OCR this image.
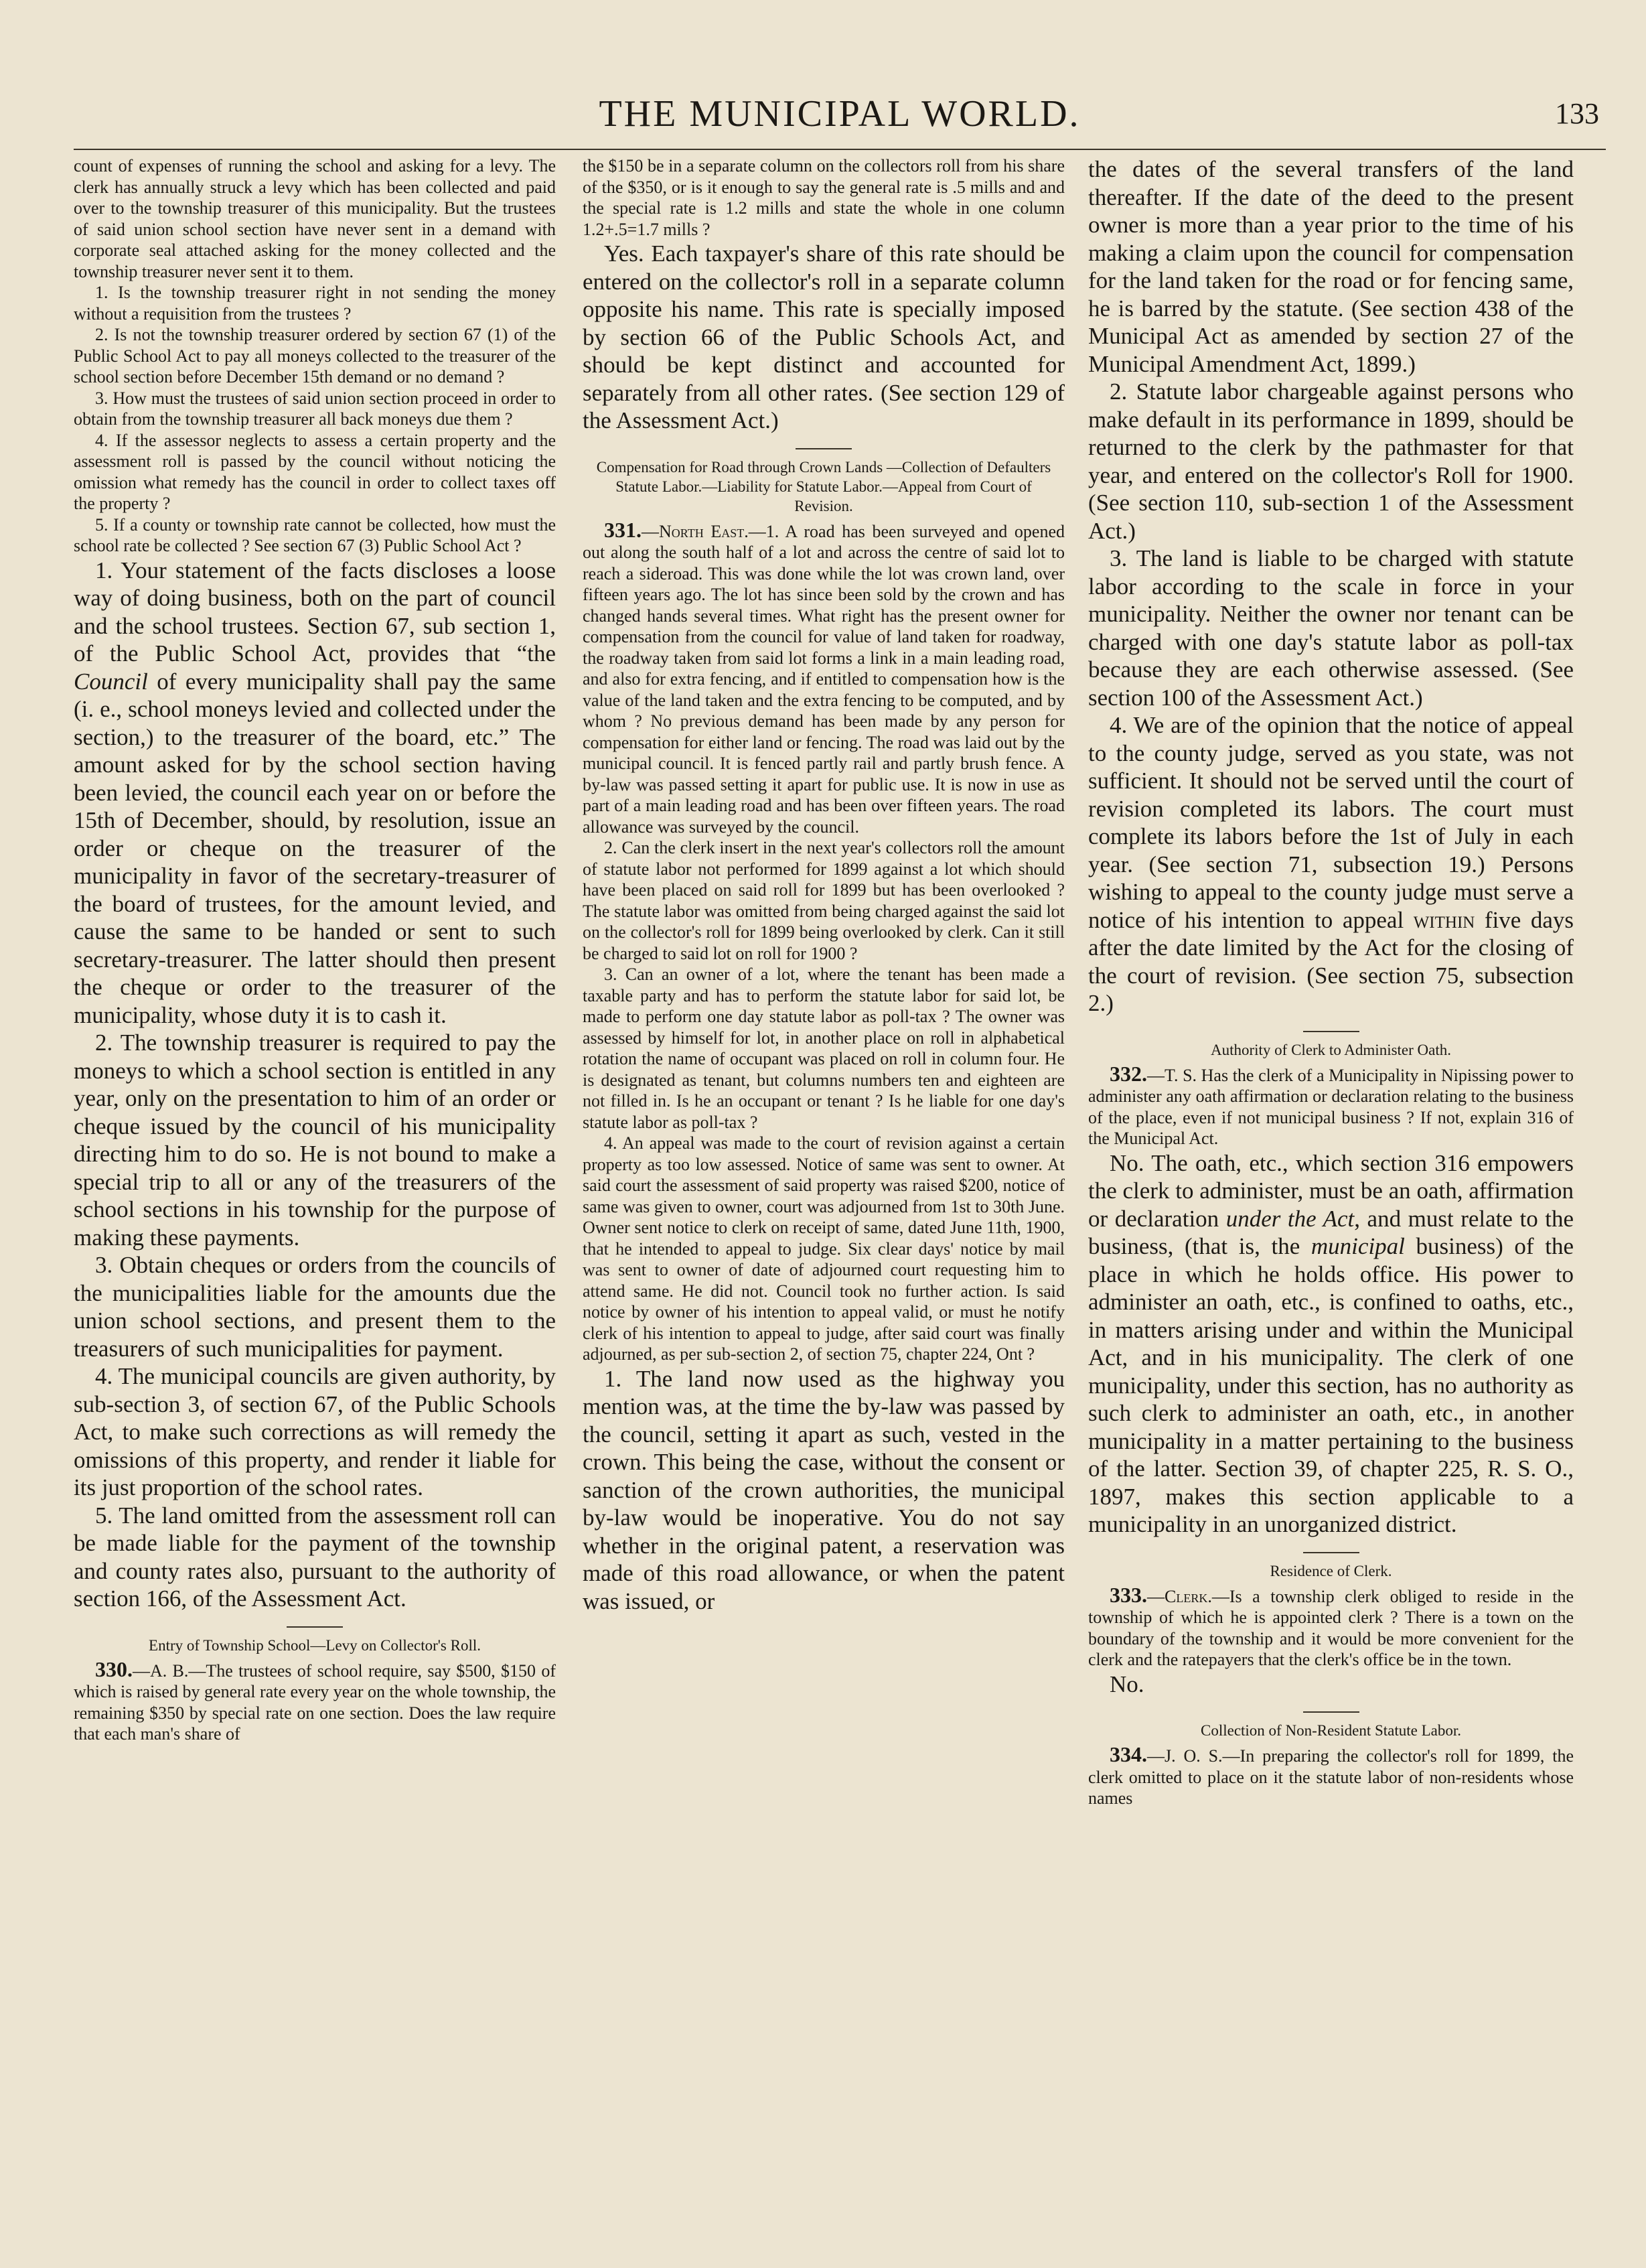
THE MUNICIPAL WORLD.	133

count of expenses of running the school and asking for a levy. The clerk has annually struck a levy which has been collected and paid over to the township treasurer of this municipality. But the trustees of said union school section have never sent in a demand with corporate seal attached asking for the money collected and the township treasurer never sent it to them.

1. Is the township treasurer right in not sending the money without a requisition from the trustees ?

2. Is not the township treasurer ordered by section 67 (1) of the Public School Act to pay all moneys collected to the treasurer of the school section before December 15th demand or no demand ?

3. How must the trustees of said union section proceed in order to obtain from the township treasurer all back moneys due them ?

4. If the assessor neglects to assess a certain property and the assessment roll is passed by the council without noticing the omission what remedy has the council in order to collect taxes off the property ?

5. If a county or township rate cannot be collected, how must the school rate be collected ? See section 67 (3) Public School Act ?

1. Your statement of the facts discloses a loose way of doing business, both on the part of council and the school trustees. Section 67, sub section 1, of the Public School Act, provides that “the Council of every municipality shall pay the same (i. e., school moneys levied and collected under the section,) to the treasurer of the board, etc.” The amount asked for by the school section having been levied, the council each year on or before the 15th of December, should, by resolution, issue an order or cheque on the treasurer of the municipality in favor of the secretary-treasurer of the board of trustees, for the amount levied, and cause the same to be handed or sent to such secretary-treasurer. The latter should then present the cheque or order to the treasurer of the municipality, whose duty it is to cash it.

2. The township treasurer is required to pay the moneys to which a school section is entitled in any year, only on the presentation to him of an order or cheque issued by the council of his municipality directing him to do so. He is not bound to make a special trip to all or any of the treasurers of the school sections in his township for the purpose of making these payments.

3. Obtain cheques or orders from the councils of the municipalities liable for the amounts due the union school sections, and present them to the treasurers of such municipalities for payment.

4. The municipal councils are given authority, by sub-section 3, of section 67, of the Public Schools Act, to make such corrections as will remedy the omissions of this property, and render it liable for its just proportion of the school rates.

5. The land omitted from the assessment roll can be made liable for the payment of the township and county rates also, pursuant to the authority of section 166, of the Assessment Act.

Entry of Township School—Levy on Collector's Roll.

330.—A. B.—The trustees of school require, say $500, $150 of which is raised by general rate every year on the whole township, the remaining $350 by special rate on one section. Does the law require that each man's share of

the $150 be in a separate column on the collectors roll from his share of the $350, or is it enough to say the general rate is .5 mills and and the special rate is 1.2 mills and state the whole in one column 1.2+.5=1.7 mills ?

Yes. Each taxpayer's share of this rate should be entered on the collector's roll in a separate column opposite his name. This rate is specially imposed by section 66 of the Public Schools Act, and should be kept distinct and accounted for separately from all other rates. (See section 129 of the Assessment Act.)

Compensation for Road through Crown Lands —Collection of Defaulters Statute Labor.—Liability for Statute Labor.—Appeal from Court of Revision.

331.—North East.—1. A road has been surveyed and opened out along the south half of a lot and across the centre of said lot to reach a sideroad. This was done while the lot was crown land, over fifteen years ago. The lot has since been sold by the crown and has changed hands several times. What right has the present owner for compensation from the council for value of land taken for roadway, the roadway taken from said lot forms a link in a main leading road, and also for extra fencing, and if entitled to compensation how is the value of the land taken and the extra fencing to be computed, and by whom ? No previous demand has been made by any person for compensation for either land or fencing. The road was laid out by the municipal council. It is fenced partly rail and partly brush fence. A by-law was passed setting it apart for public use. It is now in use as part of a main leading road and has been over fifteen years. The road allowance was surveyed by the council.

2. Can the clerk insert in the next year's collectors roll the amount of statute labor not performed for 1899 against a lot which should have been placed on said roll for 1899 but has been overlooked ? The statute labor was omitted from being charged against the said lot on the collector's roll for 1899 being overlooked by clerk. Can it still be charged to said lot on roll for 1900 ?

3. Can an owner of a lot, where the tenant has been made a taxable party and has to perform the statute labor for said lot, be made to perform one day statute labor as poll-tax ? The owner was assessed by himself for lot, in another place on roll in alphabetical rotation the name of occupant was placed on roll in column four. He is designated as tenant, but columns numbers ten and eighteen are not filled in. Is he an occupant or tenant ? Is he liable for one day's statute labor as poll-tax ?

4. An appeal was made to the court of revision against a certain property as too low assessed. Notice of same was sent to owner. At said court the assessment of said property was raised $200, notice of same was given to owner, court was adjourned from 1st to 30th June. Owner sent notice to clerk on receipt of same, dated June 11th, 1900, that he intended to appeal to judge. Six clear days' notice by mail was sent to owner of date of adjourned court requesting him to attend same. He did not. Council took no further action. Is said notice by owner of his intention to appeal valid, or must he notify clerk of his intention to appeal to judge, after said court was finally adjourned, as per sub-section 2, of section 75, chapter 224, Ont ?

1. The land now used as the highway you mention was, at the time the by-law was passed by the council, setting it apart as such, vested in the crown. This being the case, without the consent or sanction of the crown authorities, the municipal by-law would be inoperative. You do not say whether in the original patent, a reservation was made of this road allowance, or when the patent was issued, or

the dates of the several transfers of the land thereafter. If the date of the deed to the present owner is more than a year prior to the time of his making a claim upon the council for compensation for the land taken for the road or for fencing same, he is barred by the statute. (See section 438 of the Municipal Act as amended by section 27 of the Municipal Amendment Act, 1899.)

2. Statute labor chargeable against persons who make default in its performance in 1899, should be returned to the clerk by the pathmaster for that year, and entered on the collector's Roll for 1900. (See section 110, sub-section 1 of the Assessment Act.)

3. The land is liable to be charged with statute labor according to the scale in force in your municipality. Neither the owner nor tenant can be charged with one day's statute labor as poll-tax because they are each otherwise assessed. (See section 100 of the Assessment Act.)

4. We are of the opinion that the notice of appeal to the county judge, served as you state, was not sufficient. It should not be served until the court of revision completed its labors. The court must complete its labors before the 1st of July in each year. (See section 71, subsection 19.) Persons wishing to appeal to the county judge must serve a notice of his intention to appeal within five days after the date limited by the Act for the closing of the court of revision. (See section 75, subsection 2.)

Authority of Clerk to Administer Oath.

332.—T. S. Has the clerk of a Municipality in Nipissing power to administer any oath affirmation or declaration relating to the business of the place, even if not municipal business ? If not, explain 316 of the Municipal Act.

No. The oath, etc., which section 316 empowers the clerk to administer, must be an oath, affirmation or declaration under the Act, and must relate to the business, (that is, the municipal business) of the place in which he holds office. His power to administer an oath, etc., is confined to oaths, etc., in matters arising under and within the Municipal Act, and in his municipality. The clerk of one municipality, under this section, has no authority as such clerk to administer an oath, etc., in another municipality in a matter pertaining to the business of the latter. Section 39, of chapter 225, R. S. O., 1897, makes this section applicable to a municipality in an unorganized district.

Residence of Clerk.

333.—Clerk.—Is a township clerk obliged to reside in the township of which he is appointed clerk ? There is a town on the boundary of the township and it would be more convenient for the clerk and the ratepayers that the clerk's office be in the town.

No.

Collection of Non-Resident Statute Labor.

334.—J. O. S.—In preparing the collector's roll for 1899, the clerk omitted to place on it the statute labor of non-residents whose names
